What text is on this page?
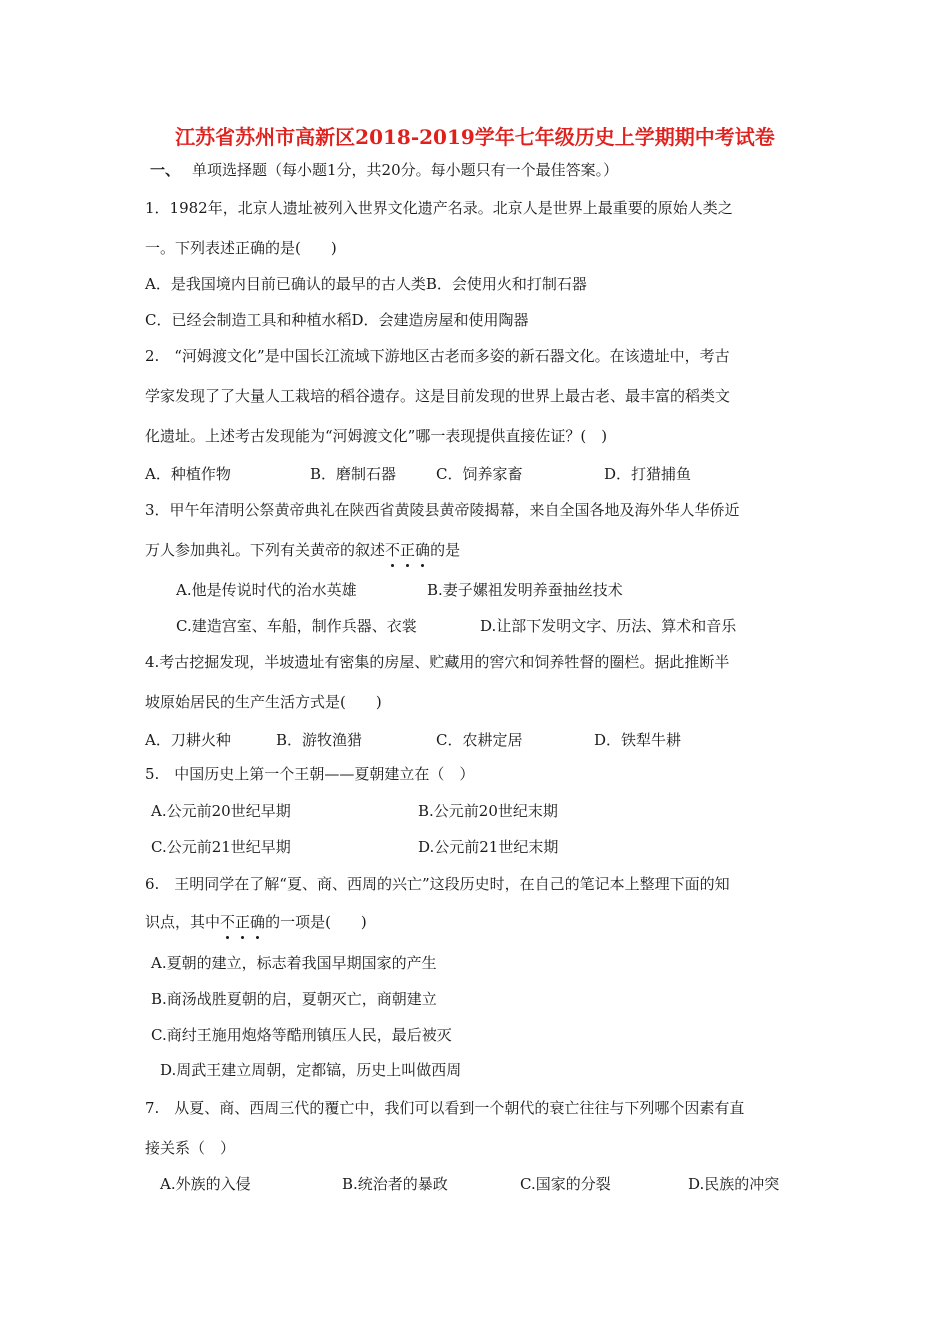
江苏省苏州市高新区2018-2019学年七年级历史上学期期中考试卷
一、 单项选择题（每小题1分，共20分。每小题只有一个最佳答案。）
1．1982年，北京人遗址被列入世界文化遗产名录。北京人是世界上最重要的原始人类之
一。下列表述正确的是(　　)
A．是我国境内目前已确认的最早的古人类B．会使用火和打制石器
C．已经会制造工具和种植水稻D．会建造房屋和使用陶器
2.　“河姆渡文化”是中国长江流域下游地区古老而多姿的新石器文化。在该遗址中，考古
学家发现了了大量人工栽培的稻谷遗存。这是目前发现的世界上最古老、最丰富的稻类文
化遗址。上述考古发现能为“河姆渡文化”哪一表现提供直接佐证？(　)
A．种植作物	B．磨制石器	C．饲养家畜	D．打猎捕鱼
3．甲午年清明公祭黄帝典礼在陕西省黄陵县黄帝陵揭幕，来自全国各地及海外华人华侨近
万人参加典礼。下列有关黄帝的叙述不正确的是
A.他是传说时代的治水英雄	B.妻子嫘祖发明养蚕抽丝技术
C.建造宫室、车船，制作兵器、衣裳	D.让部下发明文字、历法、算术和音乐
4.考古挖掘发现，半坡遗址有密集的房屋、贮藏用的窖穴和饲养牲督的圈栏。据此推断半
坡原始居民的生产生活方式是(　　)
A．刀耕火种	B．游牧渔猎	C．农耕定居	D．铁犁牛耕
5.　中国历史上第一个王朝——夏朝建立在（　）
A.公元前20世纪早期	B.公元前20世纪末期
C.公元前21世纪早期	D.公元前21世纪末期
6.　王明同学在了解“夏、商、西周的兴亡”这段历史时，在自己的笔记本上整理下面的知
识点，其中不正确的一项是(　　)
A.夏朝的建立，标志着我国早期国家的产生
B.商汤战胜夏朝的启，夏朝灭亡，商朝建立
C.商纣王施用炮烙等酷刑镇压人民，最后被灭
D.周武王建立周朝，定都镐，历史上叫做西周
7.　从夏、商、西周三代的覆亡中，我们可以看到一个朝代的衰亡往往与下列哪个因素有直
接关系（　）
A.外族的入侵	B.统治者的暴政	C.国家的分裂	D.民族的冲突
